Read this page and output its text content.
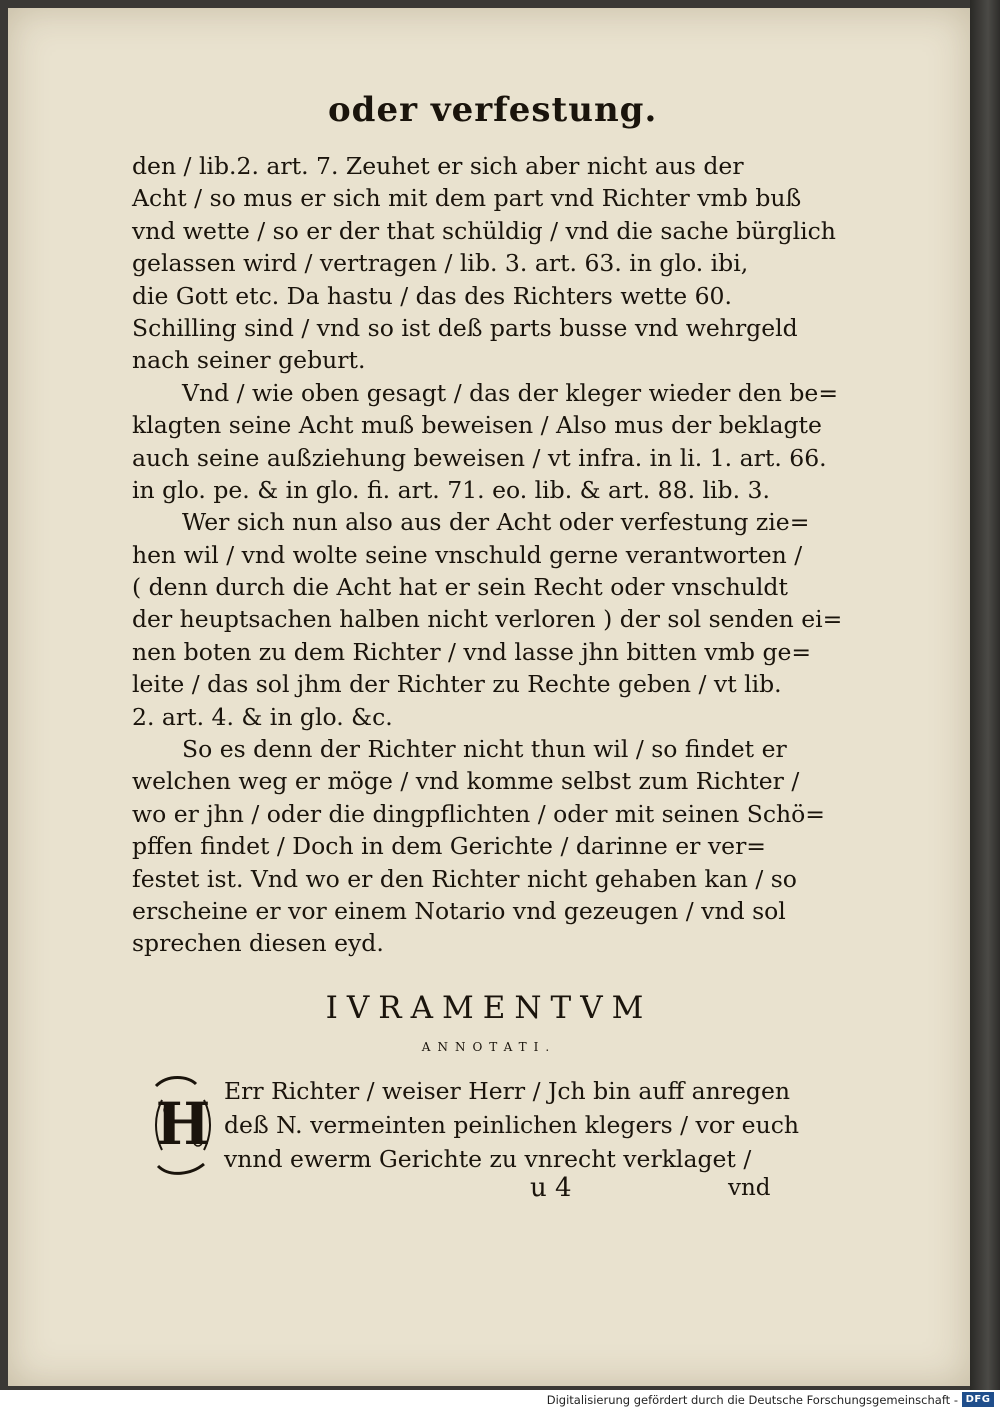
oder verfestung.
den / lib.2. art. 7. Zeuhet er sich aber nicht aus der
Acht / so mus er sich mit dem part vnd Richter vmb buß
vnd wette / so er der that schüldig / vnd die sache bürglich
gelassen wird / vertragen / lib. 3. art. 63. in glo. ibi,
die Gott etc. Da hastu / das des Richters wette 60.
Schilling sind / vnd so ist deß parts busse vnd wehrgeld
nach seiner geburt.
Vnd / wie oben gesagt / das der kleger wieder den be=
klagten seine Acht muß beweisen / Also mus der beklagte
auch seine außziehung beweisen / vt infra. in li. 1. art. 66.
in glo. pe. & in glo. fi. art. 71. eo. lib. & art. 88. lib. 3.
Wer sich nun also aus der Acht oder verfestung zie=
hen wil / vnd wolte seine vnschuld gerne verantworten /
( denn durch die Acht hat er sein Recht oder vnschuldt
der heuptsachen halben nicht verloren ) der sol senden ei=
nen boten zu dem Richter / vnd lasse jhn bitten vmb ge=
leite / das sol jhm der Richter zu Rechte geben / vt lib.
2. art. 4. & in glo. &c.
So es denn der Richter nicht thun wil / so findet er
welchen weg er möge / vnd komme selbst zum Richter /
wo er jhn / oder die dingpflichten / oder mit seinen Schö=
pffen findet / Doch in dem Gerichte / darinne er ver=
festet ist. Vnd wo er den Richter nicht gehaben kan / so
erscheine er vor einem Notario vnd gezeugen / vnd sol
sprechen diesen eyd.
IVRAMENTVM
ANNOTATI.
H Err Richter / weiser Herr / Jch bin auff anregen
deß N. vermeinten peinlichen klegers / vor euch
vnnd ewerm Gerichte zu vnrecht verklaget /
u 4	vnd
Digitalisierung gefördert durch die Deutsche Forschungsgemeinschaft - DFG
